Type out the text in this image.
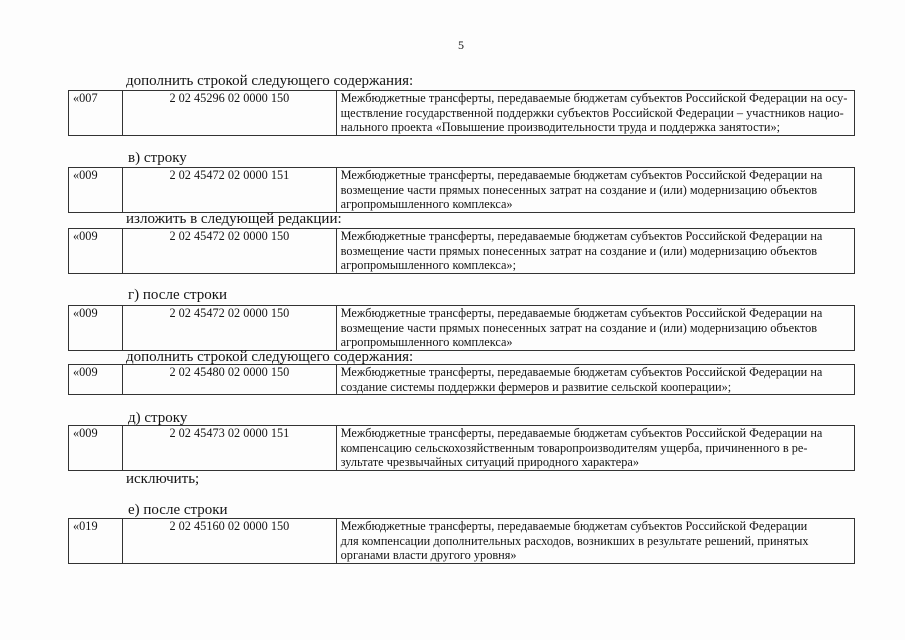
5
дополнить строкой следующего содержания:
«007	2 02 45296 02 0000 150	Межбюджетные трансферты, передаваемые бюджетам субъектов Российской Федерации на осу-
ществление государственной поддержки субъектов Российской Федерации – участников нацио-
нального проекта «Повышение производительности труда и поддержка занятости»;
в) строку
«009	2 02 45472 02 0000 151	Межбюджетные трансферты, передаваемые бюджетам субъектов Российской Федерации на
возмещение части прямых понесенных затрат на создание и (или) модернизацию объектов
агропромышленного комплекса»
изложить в следующей редакции:
«009	2 02 45472 02 0000 150	Межбюджетные трансферты, передаваемые бюджетам субъектов Российской Федерации на
возмещение части прямых понесенных затрат на создание и (или) модернизацию объектов
агропромышленного комплекса»;
г) после строки
«009	2 02 45472 02 0000 150	Межбюджетные трансферты, передаваемые бюджетам субъектов Российской Федерации на
возмещение части прямых понесенных затрат на создание и (или) модернизацию объектов
агропромышленного комплекса»
дополнить строкой следующего содержания:
«009	2 02 45480 02 0000 150	Межбюджетные трансферты, передаваемые бюджетам субъектов Российской Федерации на
создание системы поддержки фермеров и развитие сельской кооперации»;
д) строку
«009	2 02 45473 02 0000 151	Межбюджетные трансферты, передаваемые бюджетам субъектов Российской Федерации на
компенсацию сельскохозяйственным товаропроизводителям ущерба, причиненного в ре-
зультате чрезвычайных ситуаций природного характера»
исключить;
е) после строки
«019	2 02 45160 02 0000 150	Межбюджетные трансферты, передаваемые бюджетам субъектов Российской Федерации
для компенсации дополнительных расходов, возникших в результате решений, принятых
органами власти другого уровня»
